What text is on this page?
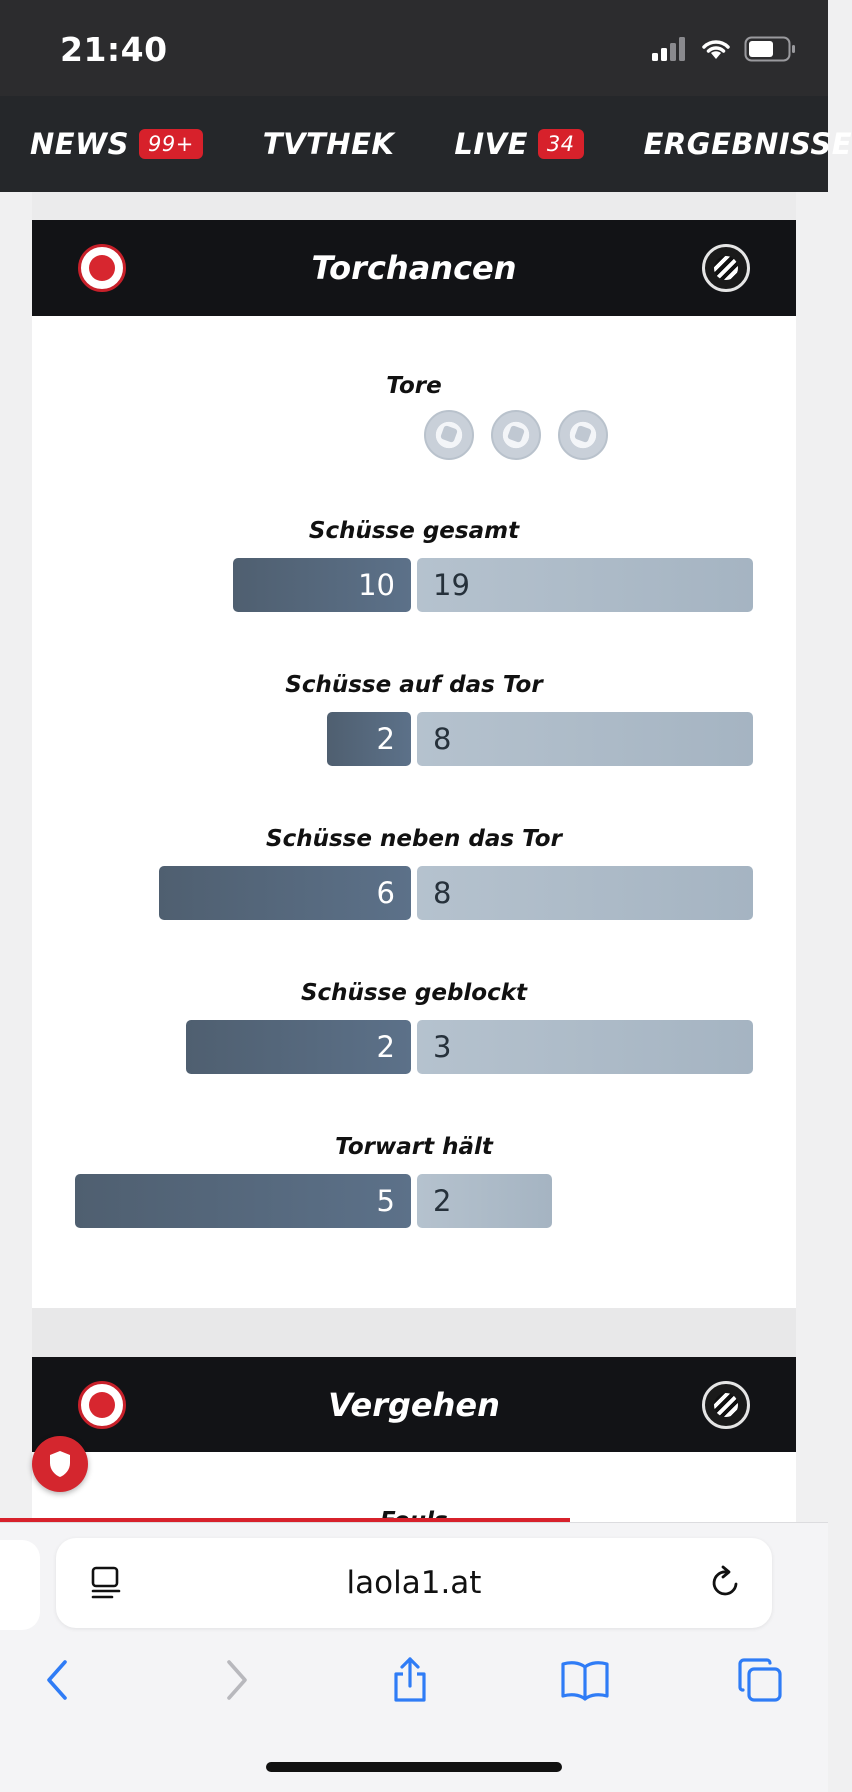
21:40
NEWS 99+	TVTHEK LIVE 34	ERGEBNISSE
Torchancen
Tore
Schüsse gesamt
10	19
Schüsse auf das Tor
2	8
Schüsse neben das Tor
6	8
Schüsse geblockt
2	3
Torwart hält
5	2
Vergehen
laola1.at
